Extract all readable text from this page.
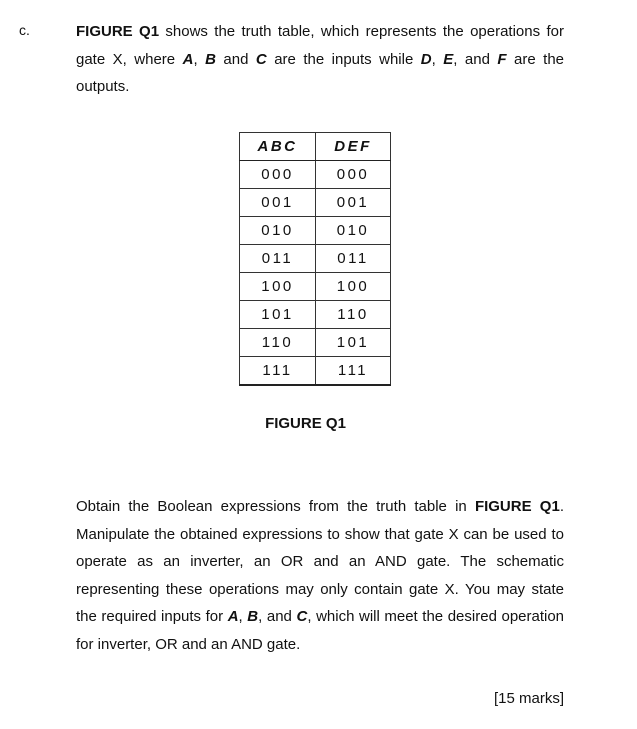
c.	FIGURE Q1 shows the truth table, which represents the operations for gate X, where A, B and C are the inputs while D, E, and F are the outputs.

ABC	DEF
000	000
001	001
010	010
011	011
100	100
101	110
110	101
111	111
FIGURE Q1

Obtain the Boolean expressions from the truth table in FIGURE Q1. Manipulate the obtained expressions to show that gate X can be used to operate as an inverter, an OR and an AND gate. The schematic representing these operations may only contain gate X. You may state the required inputs for A, B, and C, which will meet the desired operation for inverter, OR and an AND gate.

[15 marks]
